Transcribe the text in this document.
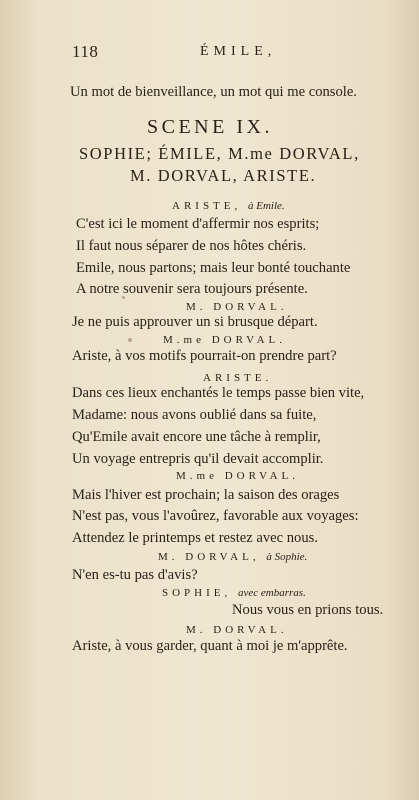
118	ÉMILE,
Un mot de bienveillance, un mot qui me console.
SCENE IX.
SOPHIE; ÉMILE, M.me DORVAL,
M. DORVAL, ARISTE.
ARISTE, à Emile.
C'est ici le moment d'affermir nos esprits;
Il faut nous séparer de nos hôtes chéris.
Emile, nous partons; mais leur bonté touchante
A notre souvenir sera toujours présente.
M. DORVAL.
Je ne puis approuver un si brusque départ.
M.me DORVAL.
Ariste, à vos motifs pourrait-on prendre part?
ARISTE.
Dans ces lieux enchantés le temps passe bien vite,
Madame: nous avons oublié dans sa fuite,
Qu'Emile avait encore une tâche à remplir,
Un voyage entrepris qu'il devait accomplir.
M.me DORVAL.
Mais l'hiver est prochain; la saison des orages
N'est pas, vous l'avoûrez, favorable aux voyages:
Attendez le printemps et restez avec nous.
M. DORVAL, à Sophie.
N'en es-tu pas d'avis?
SOPHIE, avec embarras.
Nous vous en prions tous.
M. DORVAL.
Ariste, à vous garder, quant à moi je m'apprête.
